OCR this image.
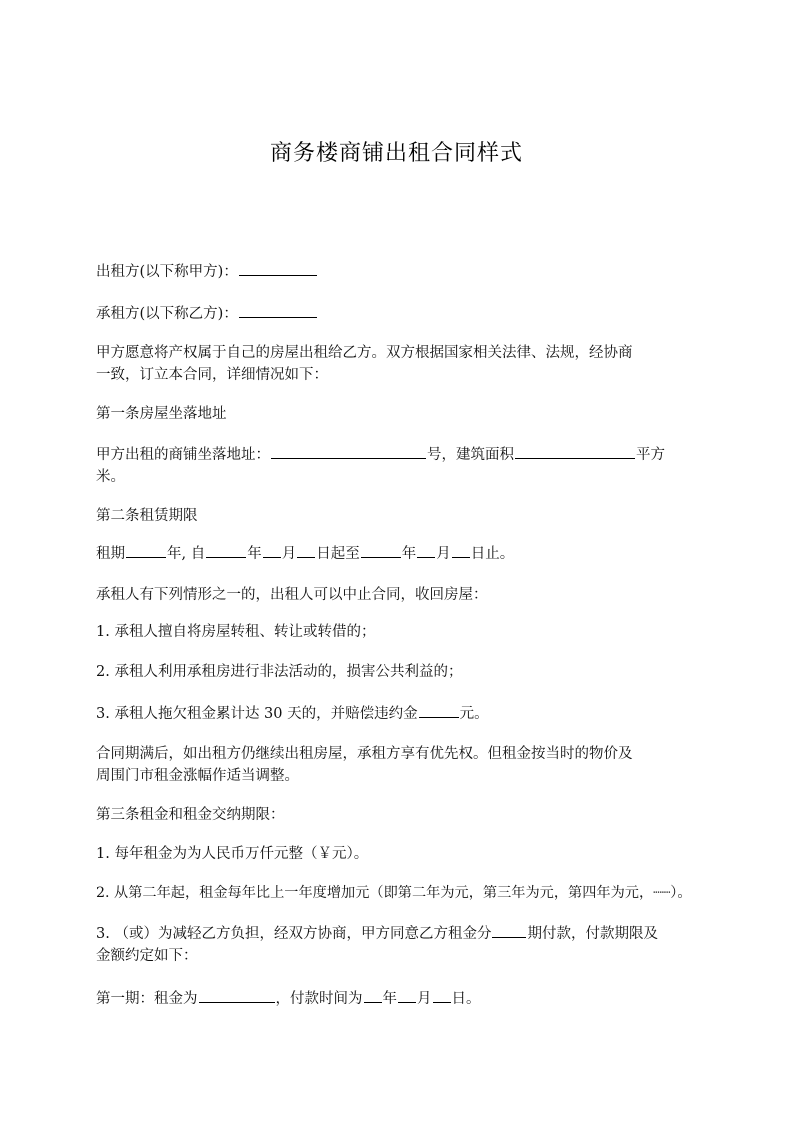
商务楼商铺出租合同样式
出租方(以下称甲方)：
承租方(以下称乙方)：
甲方愿意将产权属于自己的房屋出租给乙方。双方根据国家相关法律、法规，经协商
一致，订立本合同，详细情况如下：
第一条房屋坐落地址
甲方出租的商铺坐落地址：	号，建筑面积	平方
米。
第二条租赁期限
租期	年, 自	年 月 日起至	年 月 日止。
承租人有下列情形之一的，出租人可以中止合同，收回房屋：
1. 承租人擅自将房屋转租、转让或转借的；
2. 承租人利用承租房进行非法活动的，损害公共利益的；
3. 承租人拖欠租金累计达 30 天的，并赔偿违约金	元。
合同期满后，如出租方仍继续出租房屋，承租方享有优先权。但租金按当时的物价及
周围门市租金涨幅作适当调整。
第三条租金和租金交纳期限：
1. 每年租金为为人民币万仟元整（￥元）。
2. 从第二年起，租金每年比上一年度增加元（即第二年为元，第三年为元，第四年为元，┈┈）。
3. （或）为减轻乙方负担，经双方协商，甲方同意乙方租金分 期付款，付款期限及
金额约定如下：
第一期：租金为	，付款时间为 年 月 日。
